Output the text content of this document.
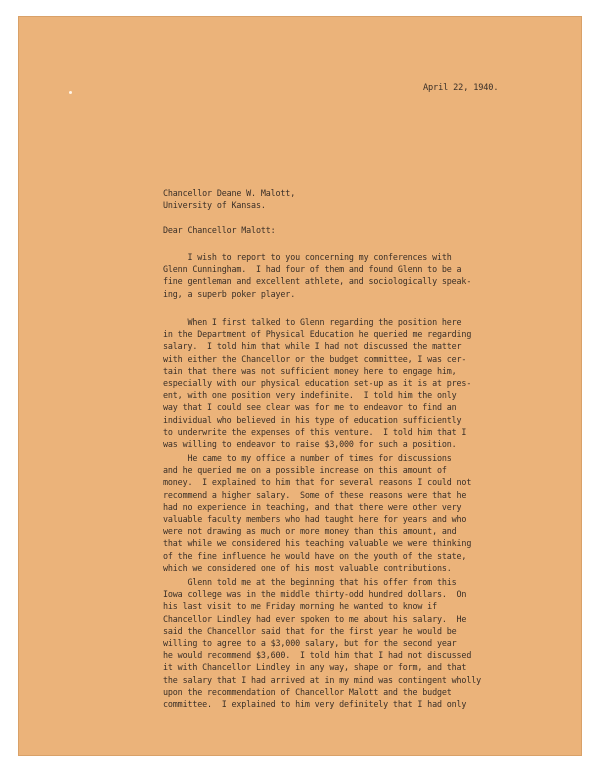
April 22, 1940.
Chancellor Deane W. Malott,
University of Kansas.
Dear Chancellor Malott:
I wish to report to you concerning my conferences with
Glenn Cunningham.  I had four of them and found Glenn to be a
fine gentleman and excellent athlete, and sociologically speak-
ing, a superb poker player.
When I first talked to Glenn regarding the position here
in the Department of Physical Education he queried me regarding
salary.  I told him that while I had not discussed the matter
with either the Chancellor or the budget committee, I was cer-
tain that there was not sufficient money here to engage him,
especially with our physical education set-up as it is at pres-
ent, with one position very indefinite.  I told him the only
way that I could see clear was for me to endeavor to find an
individual who believed in his type of education sufficiently
to underwrite the expenses of this venture.  I told him that I
was willing to endeavor to raise $3,000 for such a position.
He came to my office a number of times for discussions
and he queried me on a possible increase on this amount of
money.  I explained to him that for several reasons I could not
recommend a higher salary.  Some of these reasons were that he
had no experience in teaching, and that there were other very
valuable faculty members who had taught here for years and who
were not drawing as much or more money than this amount, and
that while we considered his teaching valuable we were thinking
of the fine influence he would have on the youth of the state,
which we considered one of his most valuable contributions.
Glenn told me at the beginning that his offer from this
Iowa college was in the middle thirty-odd hundred dollars.  On
his last visit to me Friday morning he wanted to know if
Chancellor Lindley had ever spoken to me about his salary.  He
said the Chancellor said that for the first year he would be
willing to agree to a $3,000 salary, but for the second year
he would recommend $3,600.  I told him that I had not discussed
it with Chancellor Lindley in any way, shape or form, and that
the salary that I had arrived at in my mind was contingent wholly
upon the recommendation of Chancellor Malott and the budget
committee.  I explained to him very definitely that I had only
